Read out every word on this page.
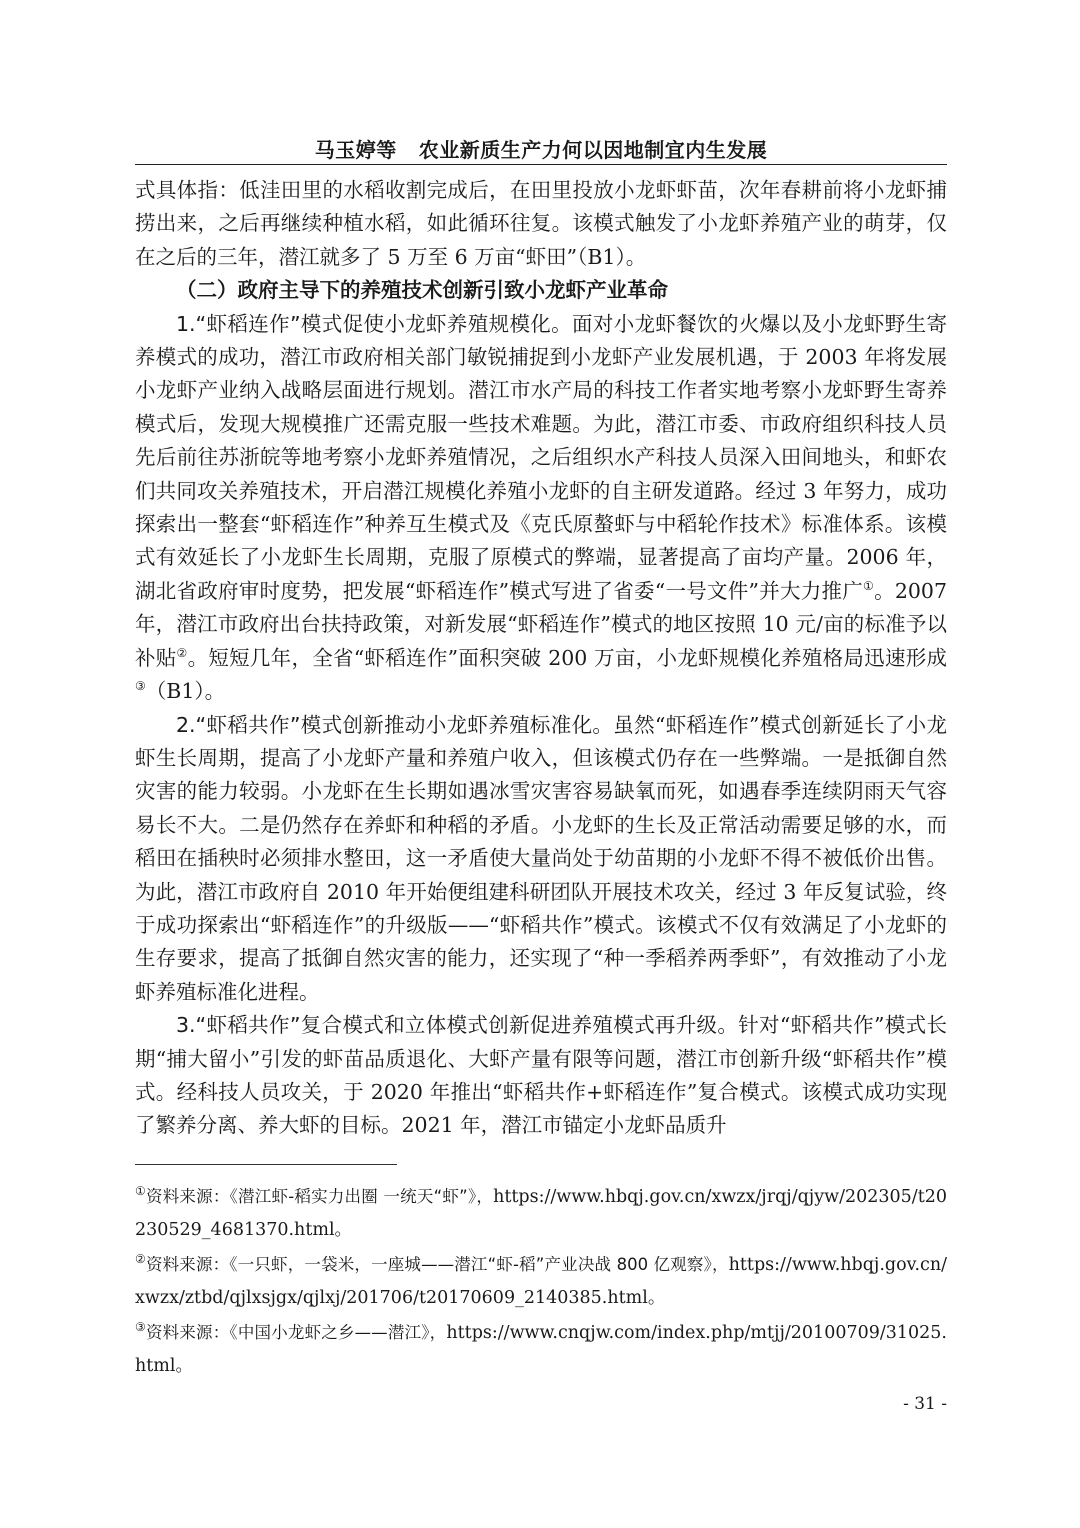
马玉婷等 农业新质生产力何以因地制宜内生发展

式具体指：低洼田里的水稻收割完成后，在田里投放小龙虾虾苗，次年春耕前将小龙虾捕捞出来，之后再继续种植水稻，如此循环往复。该模式触发了小龙虾养殖产业的萌芽，仅在之后的三年，潜江就多了 5 万至 6 万亩“虾田”（B1）。

（二）政府主导下的养殖技术创新引致小龙虾产业革命

1.“虾稻连作”模式促使小龙虾养殖规模化。面对小龙虾餐饮的火爆以及小龙虾野生寄养模式的成功，潜江市政府相关部门敏锐捕捉到小龙虾产业发展机遇，于 2003 年将发展小龙虾产业纳入战略层面进行规划。潜江市水产局的科技工作者实地考察小龙虾野生寄养模式后，发现大规模推广还需克服一些技术难题。为此，潜江市委、市政府组织科技人员先后前往苏浙皖等地考察小龙虾养殖情况，之后组织水产科技人员深入田间地头，和虾农们共同攻关养殖技术，开启潜江规模化养殖小龙虾的自主研发道路。经过 3 年努力，成功探索出一整套“虾稻连作”种养互生模式及《克氏原螯虾与中稻轮作技术》标准体系。该模式有效延长了小龙虾生长周期，克服了原模式的弊端，显著提高了亩均产量。2006 年，湖北省政府审时度势，把发展“虾稻连作”模式写进了省委“一号文件”并大力推广①。2007 年，潜江市政府出台扶持政策，对新发展“虾稻连作”模式的地区按照 10 元/亩的标准予以补贴②。短短几年，全省“虾稻连作”面积突破 200 万亩，小龙虾规模化养殖格局迅速形成③（B1）。

2.“虾稻共作”模式创新推动小龙虾养殖标准化。虽然“虾稻连作”模式创新延长了小龙虾生长周期，提高了小龙虾产量和养殖户收入，但该模式仍存在一些弊端。一是抵御自然灾害的能力较弱。小龙虾在生长期如遇冰雪灾害容易缺氧而死，如遇春季连续阴雨天气容易长不大。二是仍然存在养虾和种稻的矛盾。小龙虾的生长及正常活动需要足够的水，而稻田在插秧时必须排水整田，这一矛盾使大量尚处于幼苗期的小龙虾不得不被低价出售。为此，潜江市政府自 2010 年开始便组建科研团队开展技术攻关，经过 3 年反复试验，终于成功探索出“虾稻连作”的升级版——“虾稻共作”模式。该模式不仅有效满足了小龙虾的生存要求，提高了抵御自然灾害的能力，还实现了“种一季稻养两季虾”，有效推动了小龙虾养殖标准化进程。

3.“虾稻共作”复合模式和立体模式创新促进养殖模式再升级。针对“虾稻共作”模式长期“捕大留小”引发的虾苗品质退化、大虾产量有限等问题，潜江市创新升级“虾稻共作”模式。经科技人员攻关，于 2020 年推出“虾稻共作+虾稻连作”复合模式。该模式成功实现了繁养分离、养大虾的目标。2021 年，潜江市锚定小龙虾品质升

①资料来源：《潜江虾-稻实力出圈 一统天“虾”》，https://www.hbqj.gov.cn/xwzx/jrqj/qjyw/202305/t20230529_4681370.html。

②资料来源：《一只虾，一袋米，一座城——潜江“虾-稻”产业决战 800 亿观察》，https://www.hbqj.gov.cn/xwzx/ztbd/qjlxsjgx/qjlxj/201706/t20170609_2140385.html。

③资料来源：《中国小龙虾之乡——潜江》，https://www.cnqjw.com/index.php/mtjj/20100709/31025.html。

- 31 -
